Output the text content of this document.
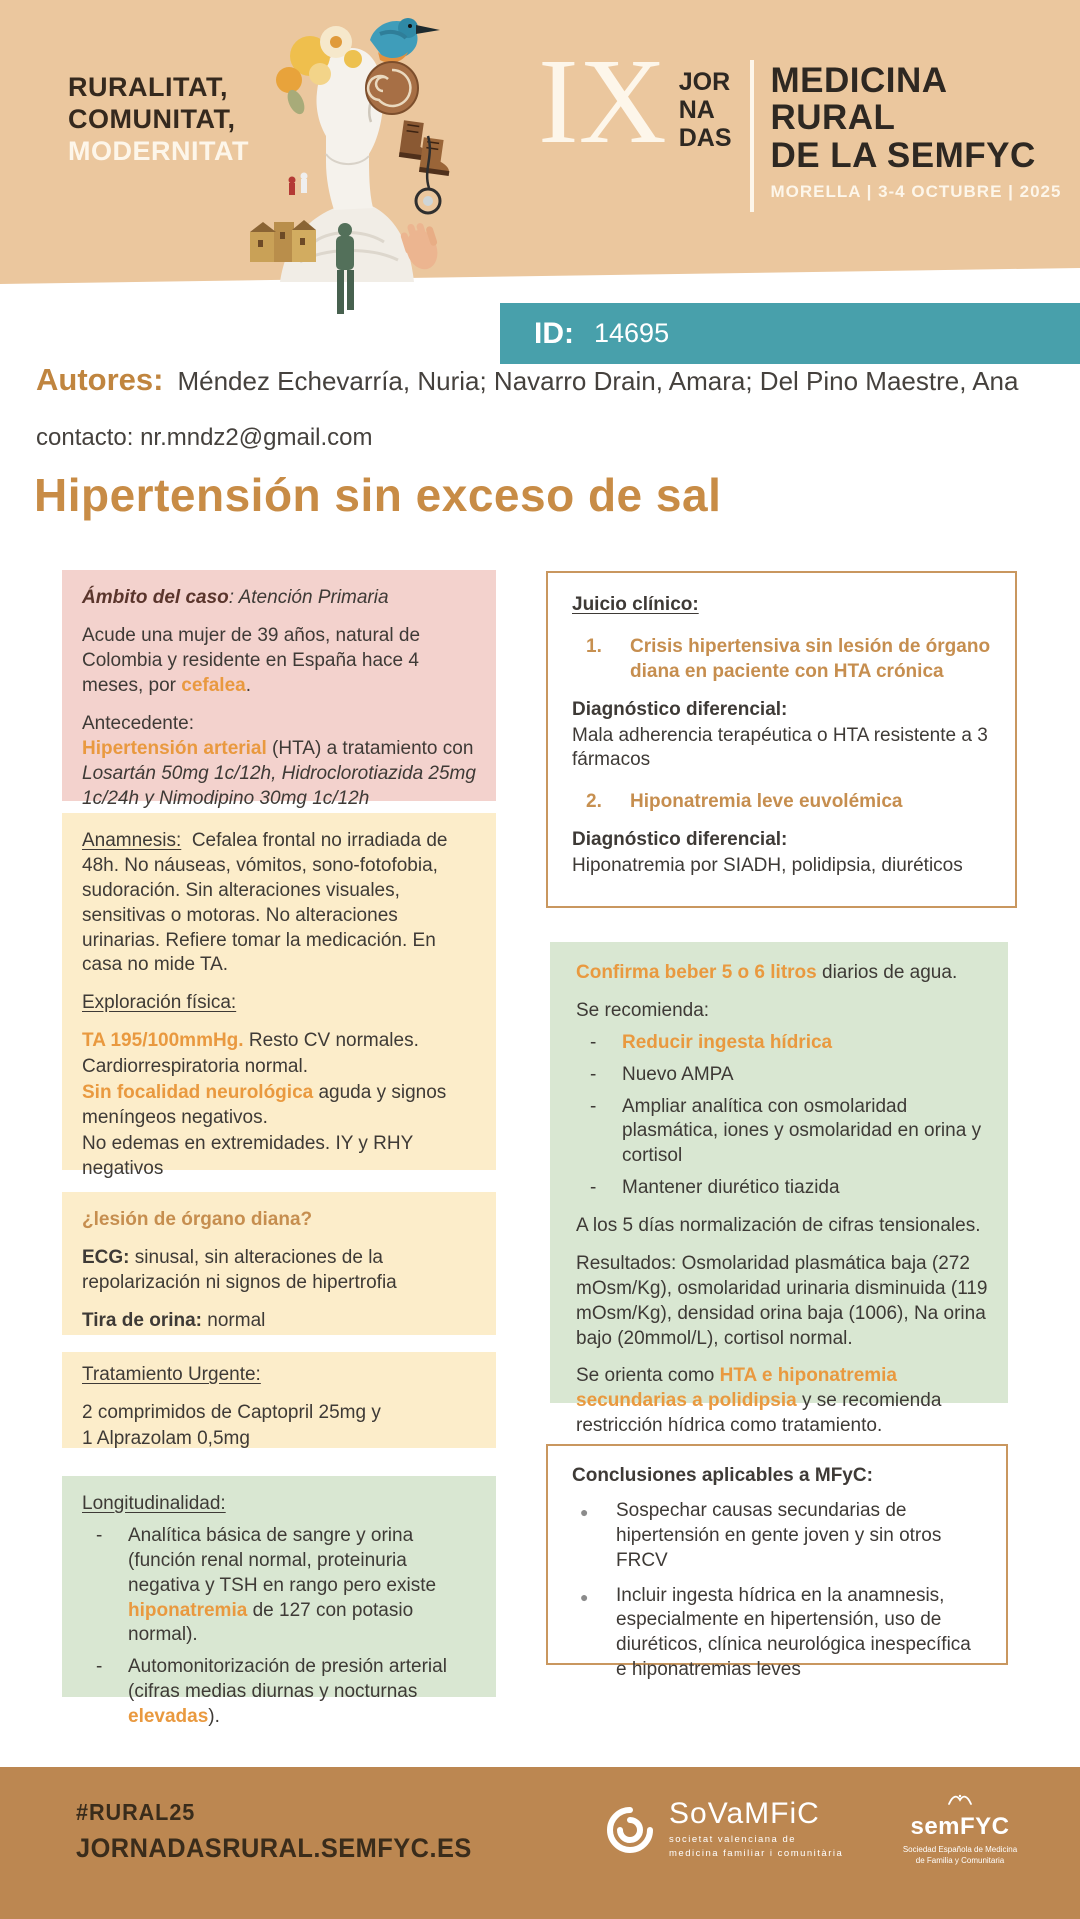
RURALITAT,
COMUNITAT,
MODERNITAT IX JOR
NA
DAS
MEDICINA RURAL
DE LA SEMFYC
MORELLA | 3-4 OCTUBRE | 2025
ID: 14695
Autores: Méndez Echevarría, Nuria; Navarro Drain, Amara; Del Pino Maestre, Ana
contacto: nr.mndz2@gmail.com
Hipertensión sin exceso de sal
Ámbito del caso: Atención Primaria
Acude una mujer de 39 años, natural de Colombia y residente en España hace 4 meses, por cefalea.
Antecedente:
Hipertensión arterial (HTA) a tratamiento con Losartán 50mg 1c/12h, Hidroclorotiazida 25mg 1c/24h y Nimodipino 30mg 1c/12h
Anamnesis:  Cefalea frontal no irradiada de 48h. No náuseas, vómitos, sono-fotofobia, sudoración. Sin alteraciones visuales, sensitivas o motoras. No alteraciones urinarias. Refiere tomar la medicación. En casa no mide TA.
Exploración física:
TA 195/100mmHg. Resto CV normales.
Cardiorrespiratoria normal.
Sin focalidad neurológica aguda y signos meníngeos negativos.
No edemas en extremidades. IY y RHY negativos
¿lesión de órgano diana?
ECG: sinusal, sin alteraciones de la repolarización ni signos de hipertrofia
Tira de orina: normal
Tratamiento Urgente:
2 comprimidos de Captopril 25mg y
1 Alprazolam 0,5mg
Longitudinalidad:
- Analítica básica de sangre y orina (función renal normal, proteinuria negativa y TSH en rango pero existe hiponatremia de 127 con potasio normal).
- Automonitorización de presión arterial (cifras medias diurnas y nocturnas elevadas).
Juicio clínico:
1. Crisis hipertensiva sin lesión de órgano diana en paciente con HTA crónica
Diagnóstico diferencial:
Mala adherencia terapéutica o HTA resistente a 3 fármacos
2. Hiponatremia leve euvolémica
Diagnóstico diferencial:
Hiponatremia por SIADH, polidipsia, diuréticos
Confirma beber 5 o 6 litros diarios de agua.
Se recomienda:
- Reducir ingesta hídrica
- Nuevo AMPA
- Ampliar analítica con osmolaridad plasmática, iones y osmolaridad en orina y cortisol
- Mantener diurético tiazida
A los 5 días normalización de cifras tensionales.
Resultados: Osmolaridad plasmática baja (272 mOsm/Kg), osmolaridad urinaria disminuida (119 mOsm/Kg), densidad orina baja (1006), Na orina bajo (20mmol/L), cortisol normal.
Se orienta como HTA e hiponatremia secundarias a polidipsia y se recomienda restricción hídrica como tratamiento.
Conclusiones aplicables a MFyC:
● Sospechar causas secundarias de hipertensión en gente joven y sin otros FRCV
● Incluir ingesta hídrica en la anamnesis, especialmente en hipertensión, uso de diuréticos, clínica neurológica inespecífica e hiponatremias leves
#RURAL25
JORNADASRURAL.SEMFYC.ES
SoVaMFiC
societat valenciana de
medicina familiar i comunitària
semFYC
Sociedad Española de Medicina
de Familia y Comunitaria
